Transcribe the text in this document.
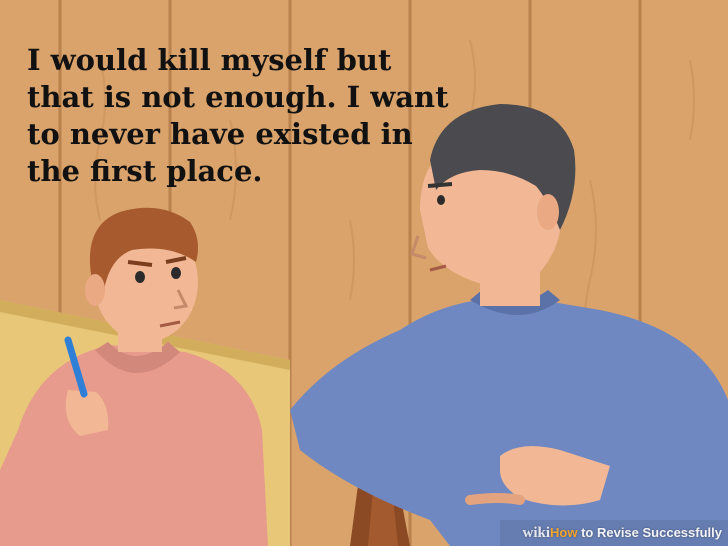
I would kill myself but
that is not enough. I want
to never have existed in
the first place.

wikiHow to Revise Successfully
